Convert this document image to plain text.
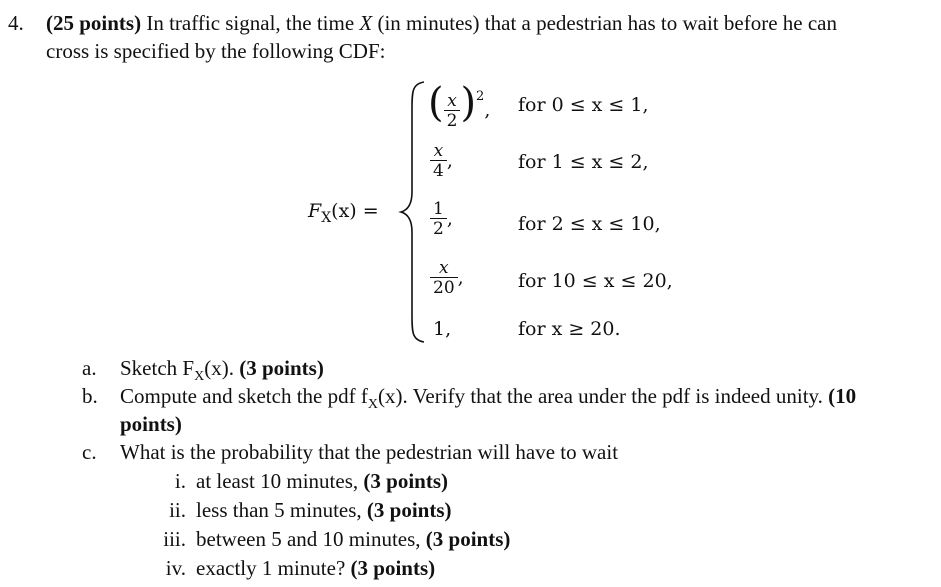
4. (25 points) In traffic signal, the time X (in minutes) that a pedestrian has to wait before he can
cross is specified by the following CDF:
$F_X(x)$ =
( $\frac{x}{2} )^2$, for 0 ≤ x ≤ 1,
$\frac{x}{4}$ ,	for 1 ≤ x ≤ 2,
$\frac{1}{2}$ ,	for 2 ≤ x ≤ 10,
$\frac{x}{20}$ ,	for 10 ≤ x ≤ 20,
1,	for x ≥ 20.
a. Sketch $F_X(x)$. (3 points)
b. Compute and sketch the pdf $f_X(x)$. Verify that the area under the pdf is indeed unity. (10
points)
c. What is the probability that the pedestrian will have to wait
i. at least 10 minutes, (3 points)
ii. less than 5 minutes, (3 points)
iii. between 5 and 10 minutes, (3 points)
iv. exactly 1 minute? (3 points)
